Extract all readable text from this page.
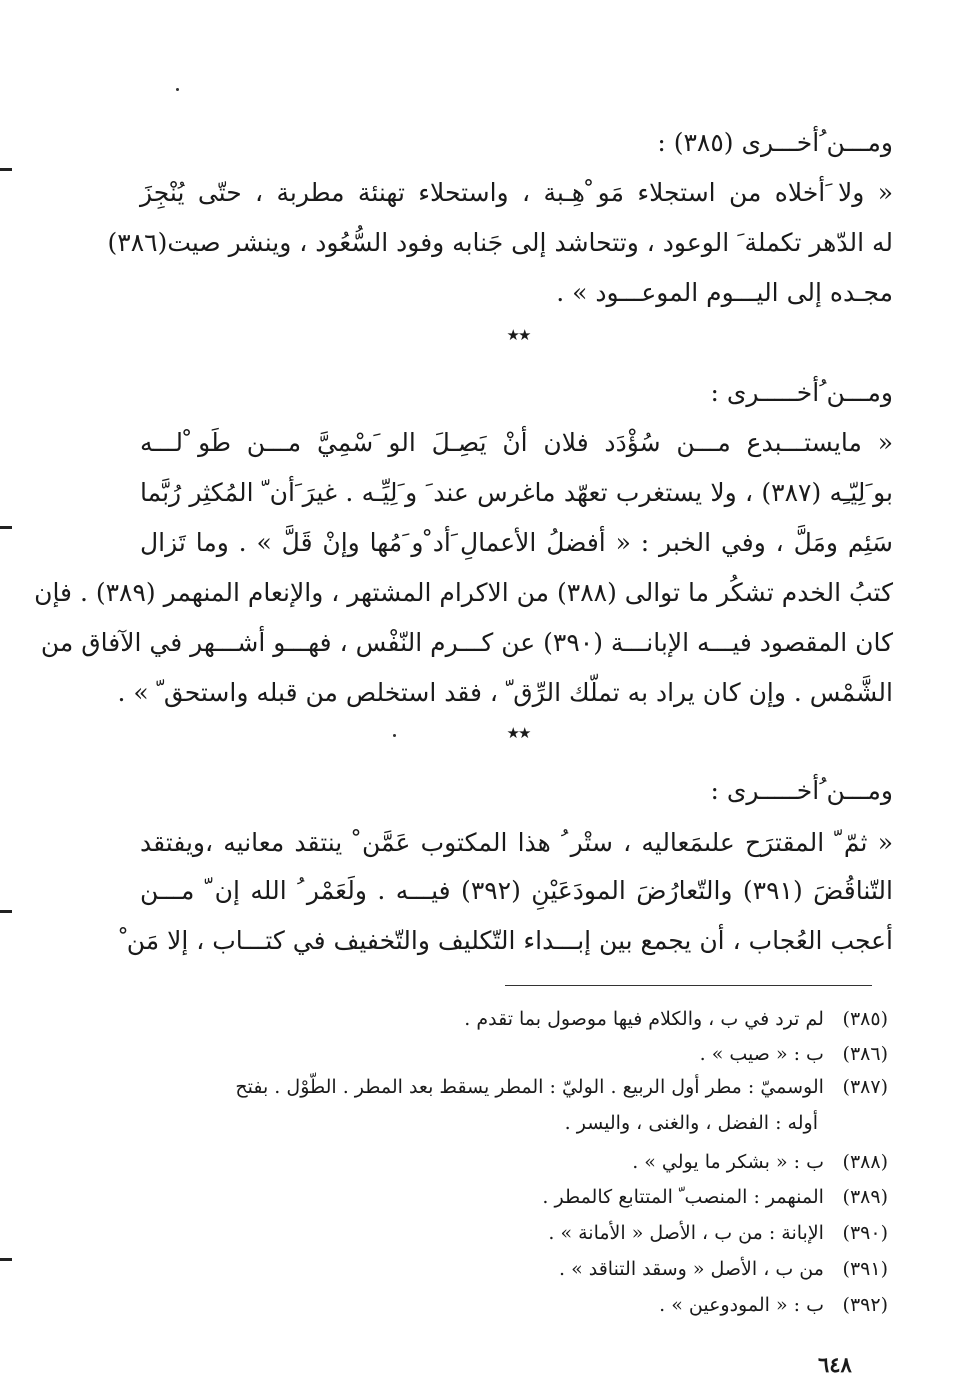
ومـــن ُأخـــرى (٣٨٥) :
« ولا َأخلاه من استجلاء مَو ْهِـبة ، واستحلاء تهنئة مطربة ، حتّى يُنْجِزَ
له الدّهر تكملة َ الوعود ، وتتحاشد إلى جَنابه وفود السُّعُود ، وينشر صيت(٣٨٦)
مجـده إلى اليـــوم الموعـــود » .
★★
ومـــن ُأخـــــرى :
« مايستـــبدع مـــن سُؤْدَد فلان أنْ يَصِـلَ الو َسْمِيَّ مـــن طَو ْلـــه
بو َلِيّـِه (٣٨٧) ، ولا يستغرب تعهّد ماغرس عند َ و َلِيِّـه . غيرَ َأن ّ المُكثِر رُبَّما
سَئِم ومَلَّ ، وفي الخبر : « أفضلُ الأعمالِ َأد ْو َمُها وإنْ قَلَّ » . وما تَزال
كتبُ الخدم تشكُر ما توالى (٣٨٨) من الاكرام المشتهر ، والإنعام المنهمر (٣٨٩) . فإن
كان المقصود فيـــه الإبانـــة (٣٩٠) عن كـــرم النّفْس ، فهـــو أشـــهر في الآفاق من
الشَّمْس . وإن كان يراد به تملّك الرِّق ّ ، فقد استخلص من قبله واستحق ّ » .
★★
ومـــن ُأخـــــرى :
« ثمّ ّ المقترَح علىمَعاليه ، ستْر ُ هذا المكتوب عَمَّن ْ ينتقد معانيه ،ويفتقد
التّناقُضَ (٣٩١) والتّعارُضَ المودَعَيْنِ (٣٩٢) فيـــه . ولَعَمْر ُ الله إن ّ مـــن
أعجب العُجاب ، أن يجمع بين إبـــداء التّكليف والتّخفيف في كتـــاب ، إلا مَن ْ
(٣٨٥) لم ترد في ب ، والكلام فيها موصول بما تقدم .
(٣٨٦) ب : « صيب » .
(٣٨٧) الوسميّ : مطر أول الربيع . الوليّ : المطر يسقط بعد المطر . الطّوْل . بفتح
أوله : الفضل ، والغنى ، واليسر .
(٣٨٨) ب : « بشكر ما يولي » .
(٣٨٩) المنهمر : المنصب ّ المتتابع كالمطر .
(٣٩٠) الإبانة : من ب ، الأصل « الأمانة » .
(٣٩١) من ب ، الأصل « وسقد التناقد » .
(٣٩٢) ب : « المودوعين » .
٦٤٨
